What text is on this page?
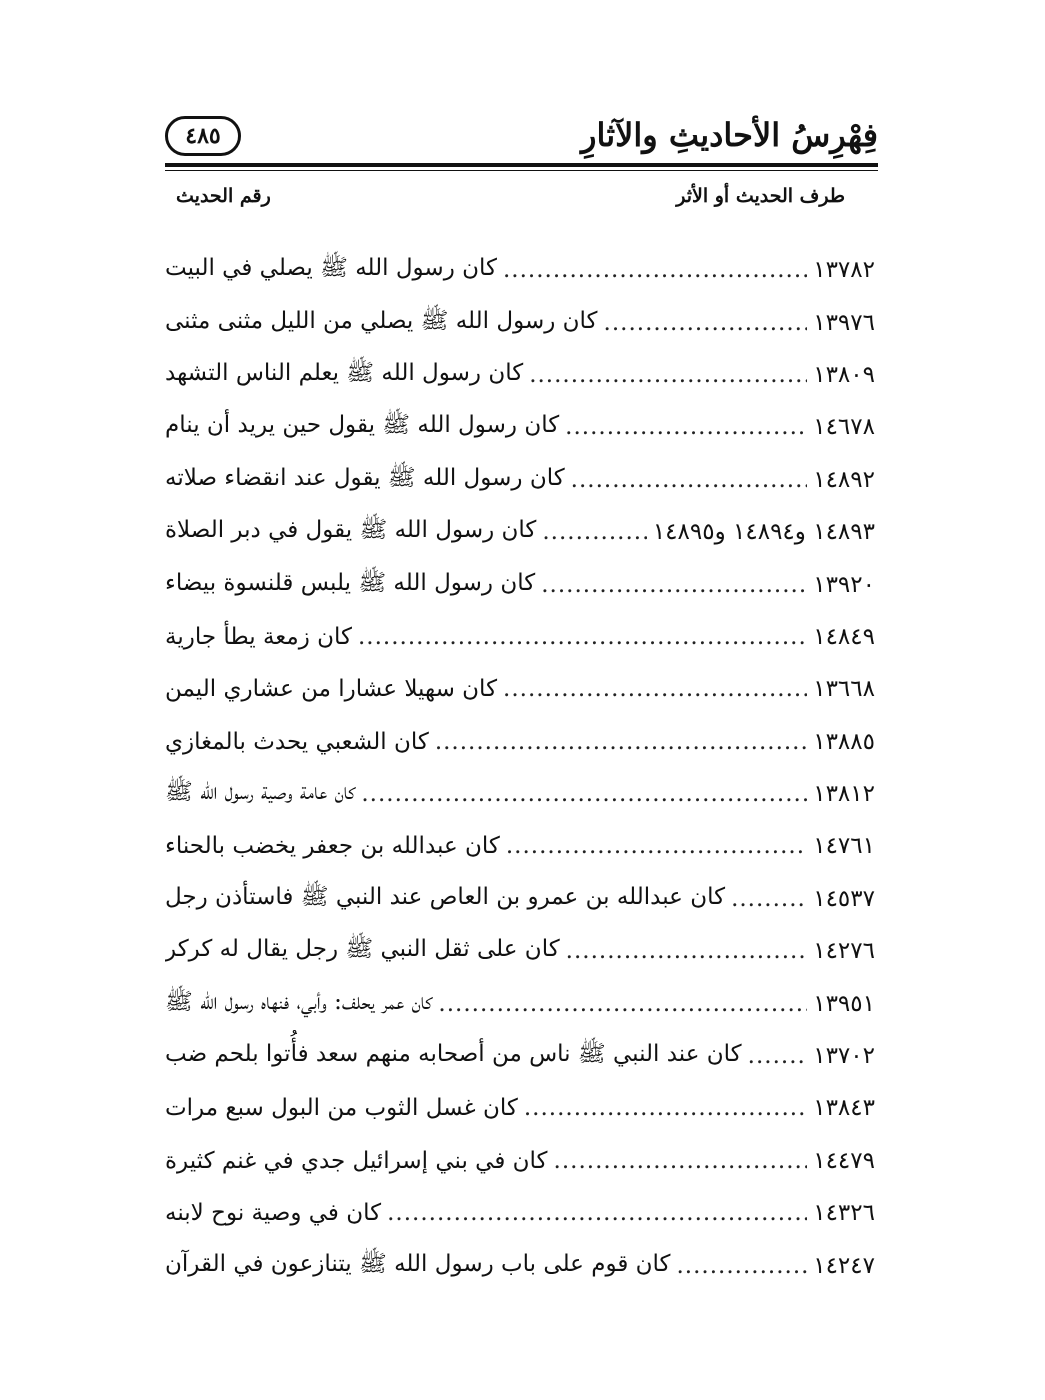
فِهْرِسُ الأحاديثِ والآثارِ
٤٨٥
طرف الحديث أو الأثر
رقم الحديث
كان رسول الله ﷺ يصلي في البيت .....	١٣٧٨٢
كان رسول الله ﷺ يصلي من الليل مثنى مثنى .....	١٣٩٧٦
كان رسول الله ﷺ يعلم الناس التشهد .....	١٣٨٠٩
كان رسول الله ﷺ يقول حين يريد أن ينام .....	١٤٦٧٨
كان رسول الله ﷺ يقول عند انقضاء صلاته .....	١٤٨٩٢
كان رسول الله ﷺ يقول في دبر الصلاة .....	١٤٨٩٣ و١٤٨٩٤ و١٤٨٩٥
كان رسول الله ﷺ يلبس قلنسوة بيضاء .....	١٣٩٢٠
كان زمعة يطأ جارية .....	١٤٨٤٩
كان سهيلا عشارا من عشاري اليمن .....	١٣٦٦٨
كان الشعبي يحدث بالمغازي .....	١٣٨٨٥
كان عامة وصية رسول الله ﷺ .....	١٣٨١٢
كان عبدالله بن جعفر يخضب بالحناء .....	١٤٧٦١
كان عبدالله بن عمرو بن العاص عند النبي ﷺ فاستأذن رجل .....	١٤٥٣٧
كان على ثقل النبي ﷺ رجل يقال له كركر .....	١٤٢٧٦
كان عمر يحلف: وأبي، فنهاه رسول الله ﷺ .....	١٣٩٥١
كان عند النبي ﷺ ناس من أصحابه منهم سعد فأُتوا بلحم ضب .....	١٣٧٠٢
كان غسل الثوب من البول سبع مرات .....	١٣٨٤٣
كان في بني إسرائيل جدي في غنم كثيرة .....	١٤٤٧٩
كان في وصية نوح لابنه .....	١٤٣٢٦
كان قوم على باب رسول الله ﷺ يتنازعون في القرآن .....	١٤٢٤٧
